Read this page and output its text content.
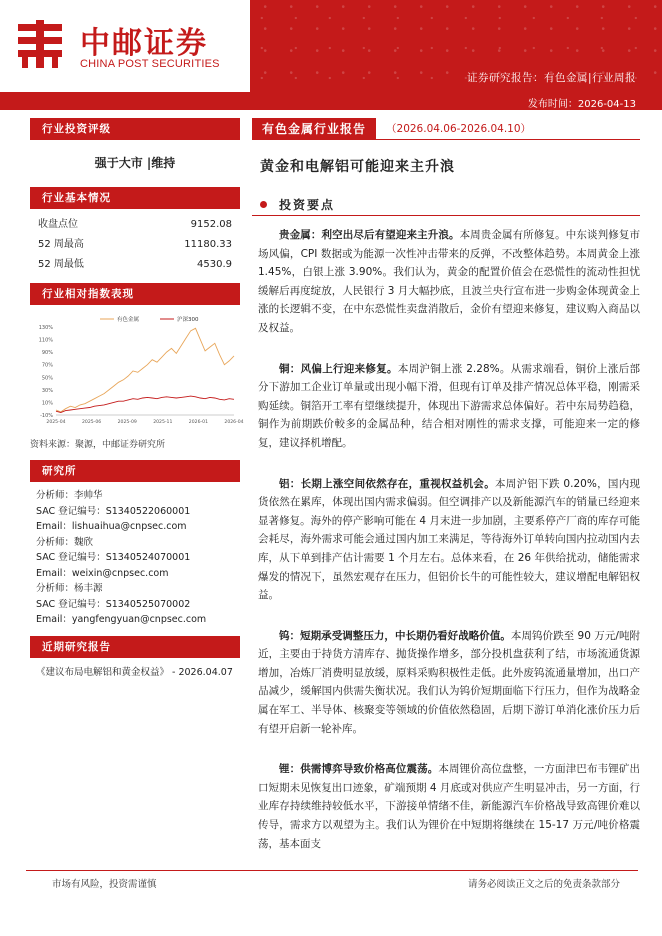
中邮证券
CHINA POST SECURITIES
证券研究报告：有色金属|行业周报
发布时间：2026-04-13
行业投资评级
强于大市 |维持
行业基本情况
收盘点位	9152.08
52 周最高	11180.33
52 周最低	4530.9
行业相对指数表现
-10%
10%
30%
50%
70%
90%
110%
130%
2025-04	2025-06	2025-09	2025-11	2026-01	2026-04
有色金属	沪深300
资料来源：聚源，中邮证券研究所
研究所
分析师：李帅华
SAC 登记编号：S1340522060001
Email：lishuaihua@cnpsec.com
分析师：魏欣
SAC 登记编号：S1340524070001
Email：weixin@cnpsec.com
分析师：杨丰源
SAC 登记编号：S1340525070002
Email：yangfengyuan@cnpsec.com
近期研究报告
《建议布局电解铝和黄金权益》 - 2026.04.07
有色金属行业报告	（2026.04.06-2026.04.10）
黄金和电解铝可能迎来主升浪
投资要点

贵金属：利空出尽后有望迎来主升浪。本周贵金属有所修复。中东谈判修复市场风偏，CPI 数据或为能源一次性冲击带来的反弹，不改整体趋势。本周黄金上涨 1.45%，白银上涨 3.90%。我们认为，黄金的配置价值会在恐慌性的流动性担忧缓解后再度绽放，人民银行 3 月大幅抄底，且波兰央行宣布进一步购金体现黄金上涨的长逻辑不变，在中东恐慌性卖盘消散后，金价有望迎来修复，建议购入商品以及权益。

铜：风偏上行迎来修复。本周沪铜上涨 2.28%。从需求端看，铜价上涨后部分下游加工企业订单量或出现小幅下滑，但现有订单及排产情况总体平稳，刚需采购延续。铜箔开工率有望继续提升，体现出下游需求总体偏好。若中东局势趋稳，铜作为前期跌价較多的金属品种，结合相对刚性的需求支撑，可能迎来一定的修复，建议择机增配。

铝：长期上涨空间依然存在，重视权益机会。本周沪铝下跌 0.20%，国内现货依然在累库，体现出国内需求偏弱。但空调排产以及新能源汽车的销量已经迎来显著修复。海外的停产影响可能在 4 月末进一步加剧，主要系停产厂商的库存可能会耗尽，海外需求可能会通过国内加工来满足，等待海外订单转向国内拉动国内去库，从下单到排产估计需要 1 个月左右。总体来看，在 26 年供给扰动，储能需求爆发的情况下，虽然宏观存在压力，但铝价长牛的可能性较大，建议增配电解铝权益。

钨：短期承受调整压力，中长期仍看好战略价值。本周钨价跌至 90 万元/吨附近，主要由于持货方清库存、抛货操作增多，部分投机盘获利了结，市场流通货源增加，冶炼厂消费明显放缓，原料采购积极性走低。此外废钨流通量增加，出口产品减少，缓解国内供需失衡状况。我们认为钨价短期面临下行压力，但作为战略金属在军工、半导体、核聚变等领域的价值依然稳固，后期下游订单消化涨价压力后有望开启新一轮补库。

锂：供需博弈导致价格高位震荡。本周锂价高位盘整，一方面津巴布韦锂矿出口短期未见恢复出口迹象，矿端预期 4 月底或对供应产生明显冲击，另一方面，行业库存持续维持较低水平，下游接单情绪不佳，新能源汽车价格战导致高锂价难以传导，需求方以观望为主。我们认为锂价在中短期将继续在 15-17 万元/吨价格震荡，基本面支

市场有风险，投资需谨慎	请务必阅读正文之后的免责条款部分
